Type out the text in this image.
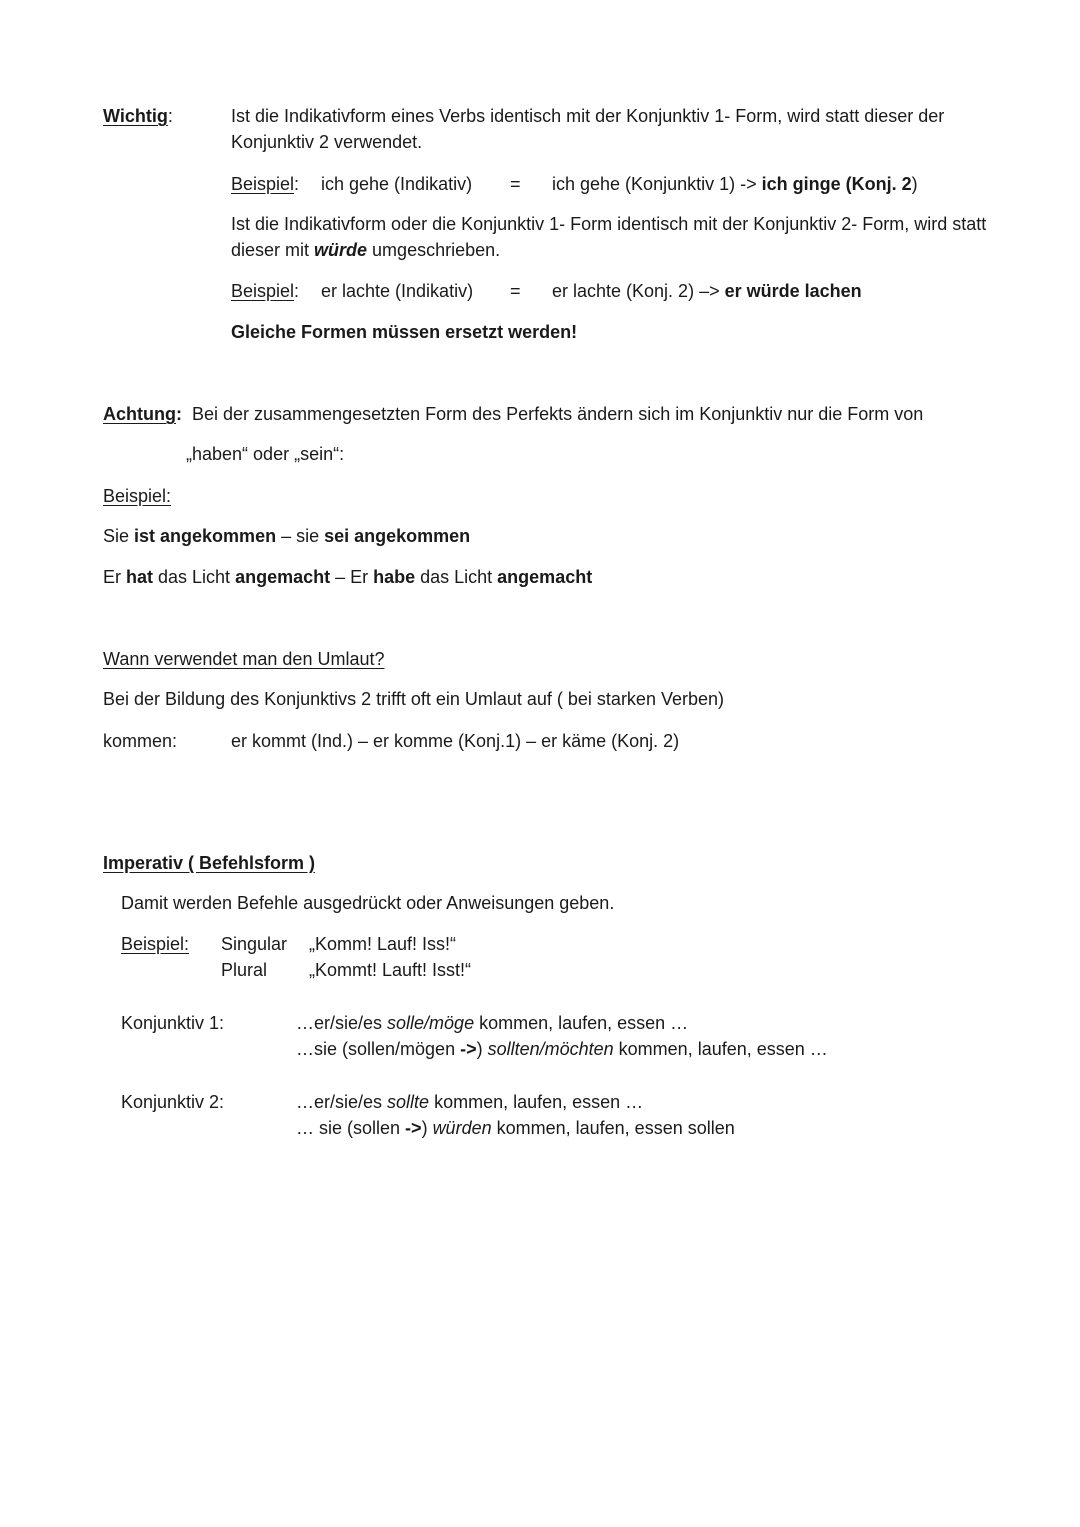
Wichtig:	Ist die Indikativform eines Verbs identisch mit der Konjunktiv 1- Form, wird statt dieser der
Konjunktiv 2 verwendet.
Beispiel: ich gehe (Indikativ) = ich gehe (Konjunktiv 1) -> ich ginge (Konj. 2)
Ist die Indikativform oder die Konjunktiv 1- Form identisch mit der Konjunktiv 2- Form, wird statt
dieser mit würde umgeschrieben.
Beispiel: er lachte (Indikativ) = er lachte (Konj. 2) –> er würde lachen
Gleiche Formen müssen ersetzt werden!
Achtung: Bei der zusammengesetzten Form des Perfekts ändern sich im Konjunktiv nur die Form von
„haben“ oder „sein“:
Beispiel:
Sie ist angekommen – sie sei angekommen
Er hat das Licht angemacht – Er habe das Licht angemacht
Wann verwendet man den Umlaut?
Bei der Bildung des Konjunktivs 2 trifft oft ein Umlaut auf ( bei starken Verben)
kommen:	er kommt (Ind.) – er komme (Konj.1) – er käme (Konj. 2)
Imperativ ( Befehlsform )
Damit werden Befehle ausgedrückt oder Anweisungen geben.
Beispiel: Singular „Komm! Lauf! Iss!“
Plural „Kommt! Lauft! Isst!“
Konjunktiv 1:	…er/sie/es solle/möge kommen, laufen, essen …
…sie (sollen/mögen ->) sollten/möchten kommen, laufen, essen …
Konjunktiv 2:	…er/sie/es sollte kommen, laufen, essen …
… sie (sollen ->) würden kommen, laufen, essen sollen
